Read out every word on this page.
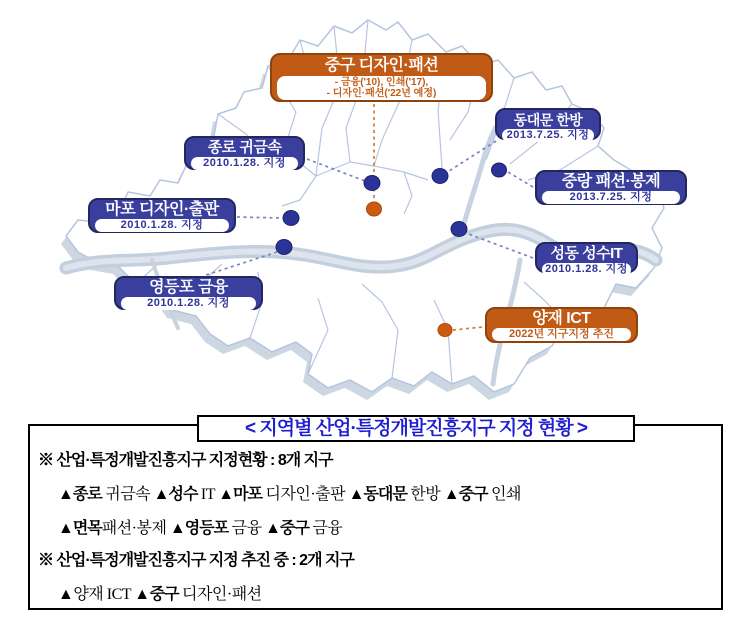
중구 디자인·패션
- 금융('10), 인쇄('17),
- 디자인·패션('22년 예정)
동대문 한방
2013.7.25. 지정
종로 귀금속
2010.1.28. 지정
중랑 패션·봉제
2013.7.25. 지정
마포 디자인·출판
2010.1.28. 지정
성동 성수IT
2010.1.28. 지정
영등포 금융
2010.1.28. 지정
양재 ICT
2022년 지구지정 추진
< 지역별 산업·특정개발진흥지구 지정 현황 >
※ 산업·특정개발진흥지구 지정현황 : 8개 지구
▲종로 귀금속 ▲성수 IT ▲마포 디자인·출판 ▲동대문 한방 ▲중구 인쇄
▲면목패션·봉제 ▲영등포 금융 ▲중구 금융
※ 산업·특정개발진흥지구 지정 추진 중 : 2개 지구
▲양재 ICT ▲중구 디자인·패션
